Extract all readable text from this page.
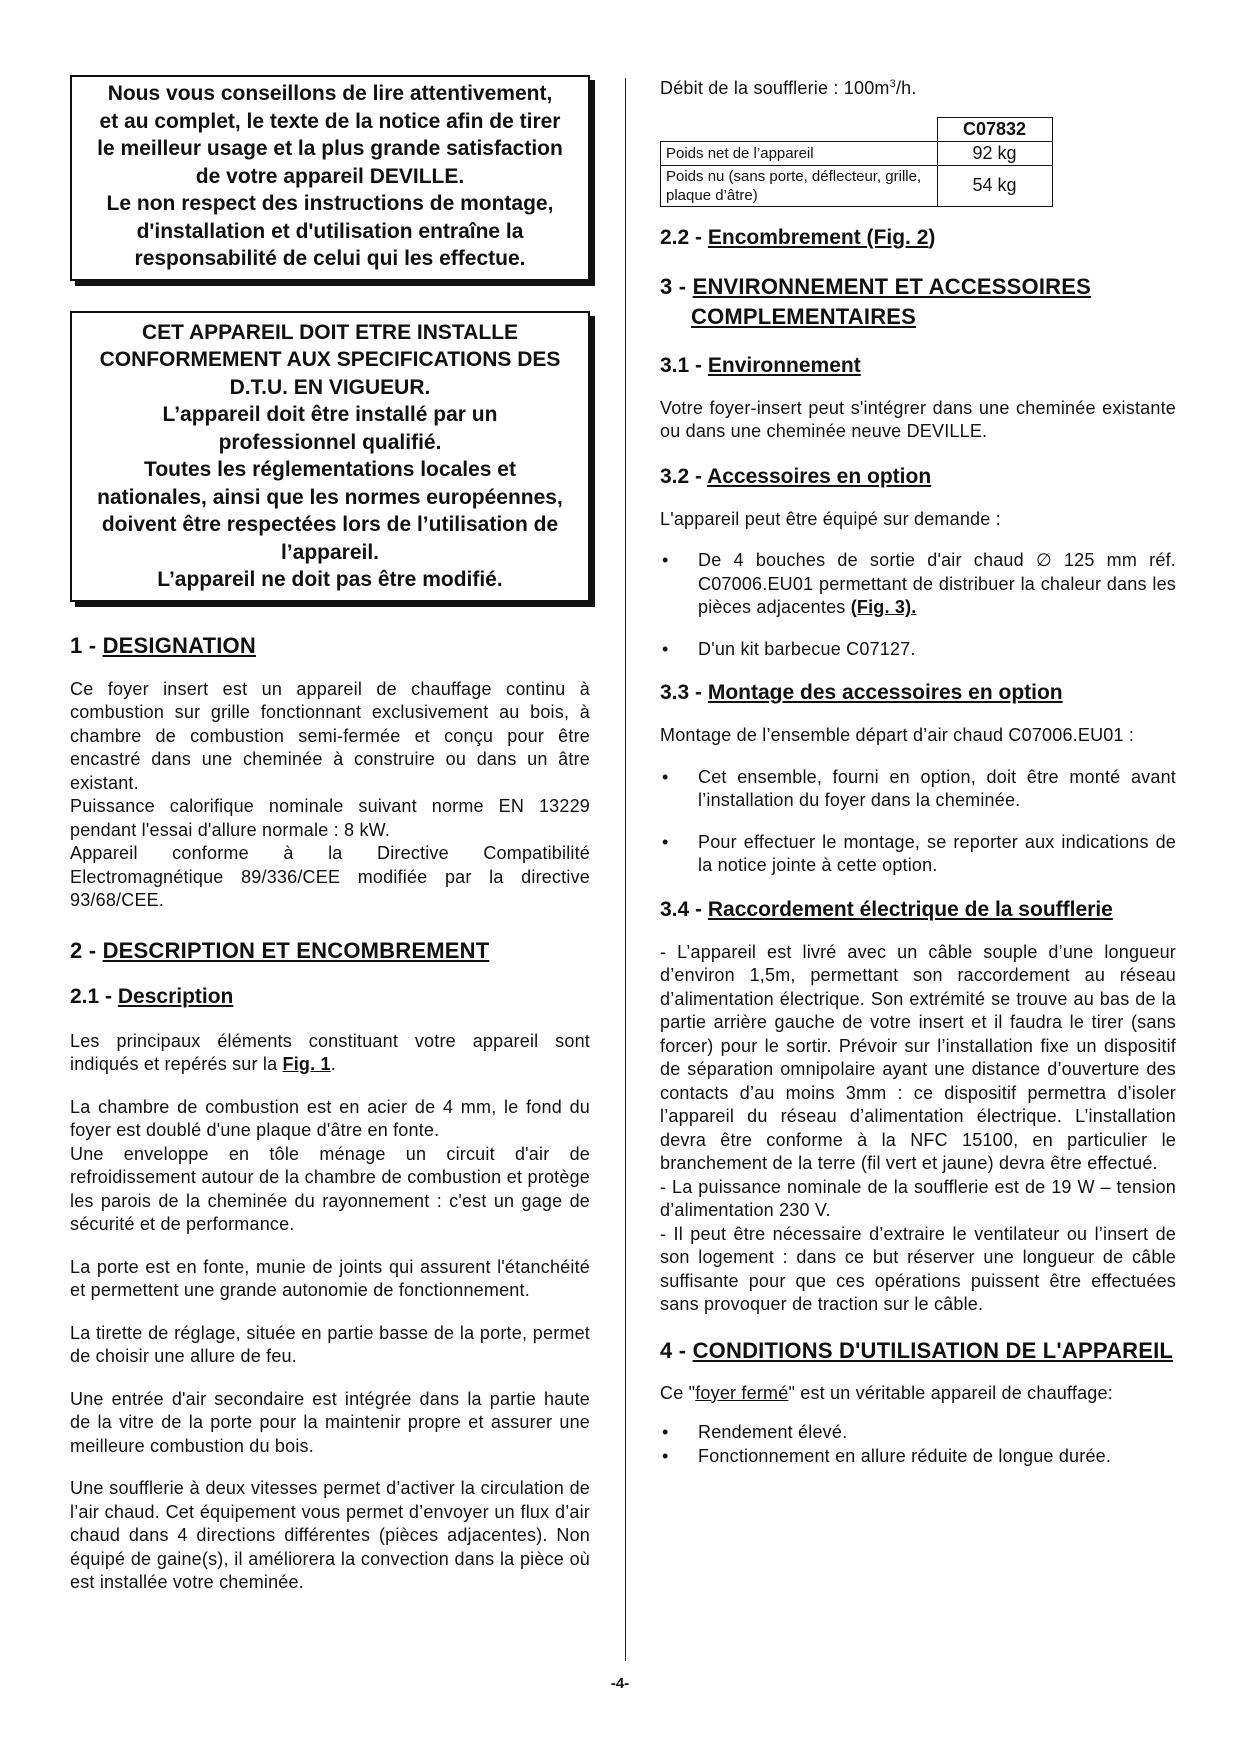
Nous vous conseillons de lire attentivement,
et au complet, le texte de la notice afin de tirer
le meilleur usage et la plus grande satisfaction
de votre appareil DEVILLE.
Le non respect des instructions de montage,
d'installation et d'utilisation entraîne la
responsabilité de celui qui les effectue.
CET APPAREIL DOIT ETRE INSTALLE
CONFORMEMENT AUX SPECIFICATIONS DES
D.T.U. EN VIGUEUR.
L’appareil doit être installé par un
professionnel qualifié.
Toutes les réglementations locales et
nationales, ainsi que les normes européennes,
doivent être respectées lors de l’utilisation de
l’appareil.
L’appareil ne doit pas être modifié.
1 - DESIGNATION

Ce foyer insert est un appareil de chauffage continu à combustion sur grille fonctionnant exclusivement au bois, à chambre de combustion semi-fermée et conçu pour être encastré dans une cheminée à construire ou dans un âtre existant.

Puissance calorifique nominale suivant norme EN 13229 pendant l'essai d'allure normale : 8 kW.

Appareil conforme à la Directive Compatibilité Electromagnétique 89/336/CEE modifiée par la directive 93/68/CEE.

2 - DESCRIPTION ET ENCOMBREMENT
2.1 - Description

Les principaux éléments constituant votre appareil sont indiqués et repérés sur la Fig. 1.

La chambre de combustion est en acier de 4 mm, le fond du foyer est doublé d'une plaque d'âtre en fonte.

Une enveloppe en tôle ménage un circuit d'air de refroidissement autour de la chambre de combustion et protège les parois de la cheminée du rayonnement : c'est un gage de sécurité et de performance.

La porte est en fonte, munie de joints qui assurent l'étanchéité et permettent une grande autonomie de fonctionnement.

La tirette de réglage, située en partie basse de la porte, permet de choisir une allure de feu.

Une entrée d'air secondaire est intégrée dans la partie haute de la vitre de la porte pour la maintenir propre et assurer une meilleure combustion du bois.

Une soufflerie à deux vitesses permet d’activer la circulation de l’air chaud. Cet équipement vous permet d’envoyer un flux d’air chaud dans 4 directions différentes (pièces adjacentes). Non équipé de gaine(s), il améliorera la convection dans la pièce où est installée votre cheminée.

Débit de la soufflerie : $100m^3/h$.

	C07832
Poids net de l’appareil	92 kg
Poids nu (sans porte, déflecteur, grille, plaque d’âtre)	54 kg
2.2 - Encombrement (Fig. 2)
3 - ENVIRONNEMENT ET ACCESSOIRES
COMPLEMENTAIRES
3.1 - Environnement

Votre foyer-insert peut s'intégrer dans une cheminée existante ou dans une cheminée neuve DEVILLE.

3.2 - Accessoires en option

L'appareil peut être équipé sur demande :

• De 4 bouches de sortie d'air chaud ∅ 125 mm réf. C07006.EU01 permettant de distribuer la chaleur dans les pièces adjacentes (Fig. 3).
• D'un kit barbecue C07127.
3.3 - Montage des accessoires en option

Montage de l’ensemble départ d’air chaud C07006.EU01 :

• Cet ensemble, fourni en option, doit être monté avant l’installation du foyer dans la cheminée.
• Pour effectuer le montage, se reporter aux indications de la notice jointe à cette option.
3.4 - Raccordement électrique de la soufflerie

- L’appareil est livré avec un câble souple d’une longueur d’environ 1,5m, permettant son raccordement au réseau d’alimentation électrique. Son extrémité se trouve au bas de la partie arrière gauche de votre insert et il faudra le tirer (sans forcer) pour le sortir. Prévoir sur l’installation fixe un dispositif de séparation omnipolaire ayant une distance d’ouverture des contacts d’au moins 3mm : ce dispositif permettra d’isoler l’appareil du réseau d’alimentation électrique. L’installation devra être conforme à la NFC 15100, en particulier le branchement de la terre (fil vert et jaune) devra être effectué.

- La puissance nominale de la soufflerie est de 19 W – tension d’alimentation 230 V.

- Il peut être nécessaire d’extraire le ventilateur ou l’insert de son logement : dans ce but réserver une longueur de câble suffisante pour que ces opérations puissent être effectuées sans provoquer de traction sur le câble.

4 - CONDITIONS D'UTILISATION DE L'APPAREIL

Ce "foyer fermé" est un véritable appareil de chauffage:

• Rendement élevé.
• Fonctionnement en allure réduite de longue durée.
-4-
